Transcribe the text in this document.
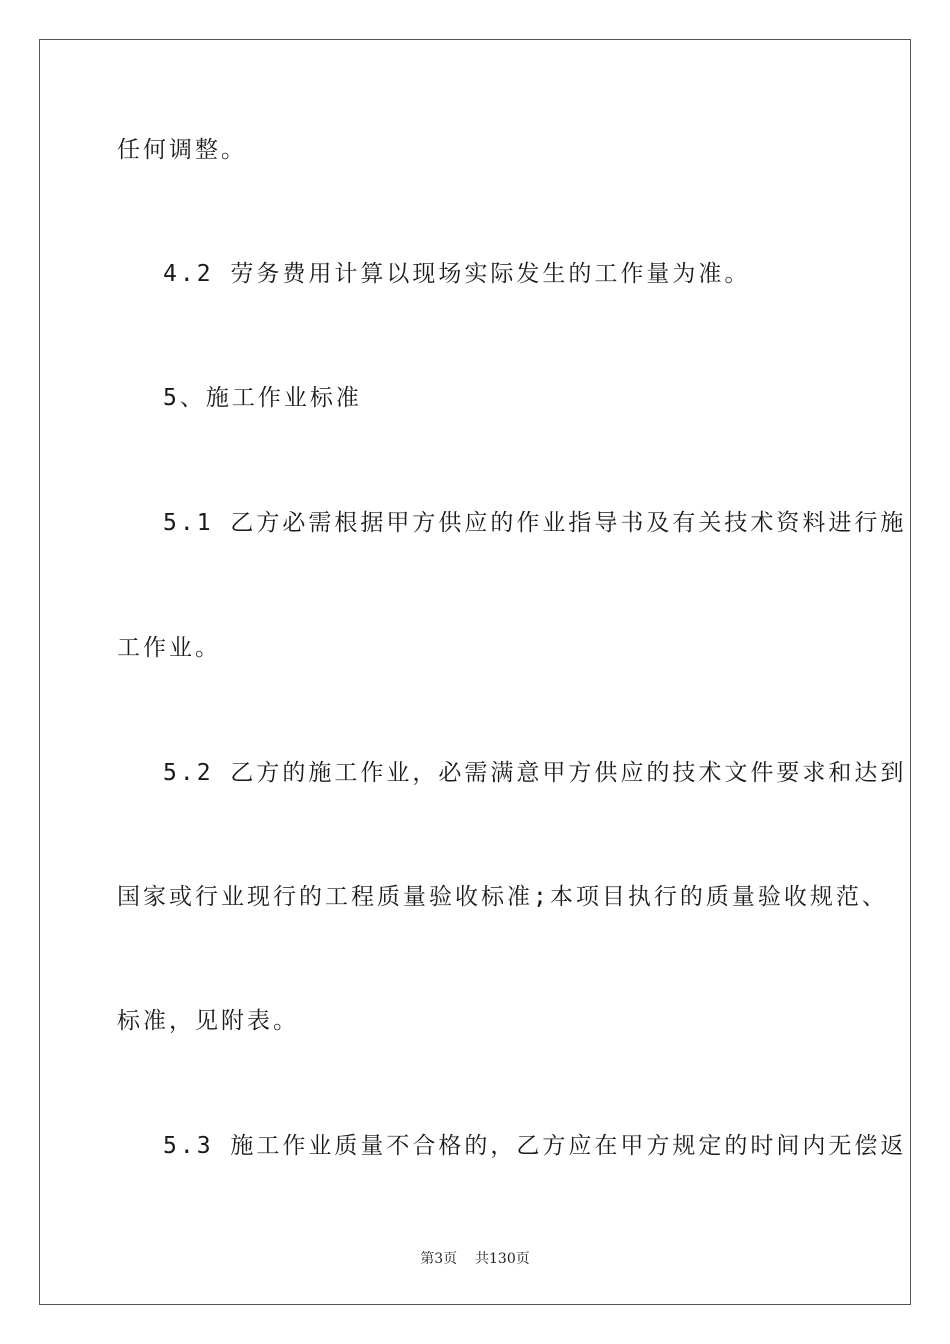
任何调整。
4.2 劳务费用计算以现场实际发生的工作量为准。
5、施工作业标准
5.1 乙方必需根据甲方供应的作业指导书及有关技术资料进行施
工作业。
5.2 乙方的施工作业，必需满意甲方供应的技术文件要求和达到
国家或行业现行的工程质量验收标准;本项目执行的质量验收规范、
标准，见附表。
5.3 施工作业质量不合格的，乙方应在甲方规定的时间内无偿返
第3页 共130页
